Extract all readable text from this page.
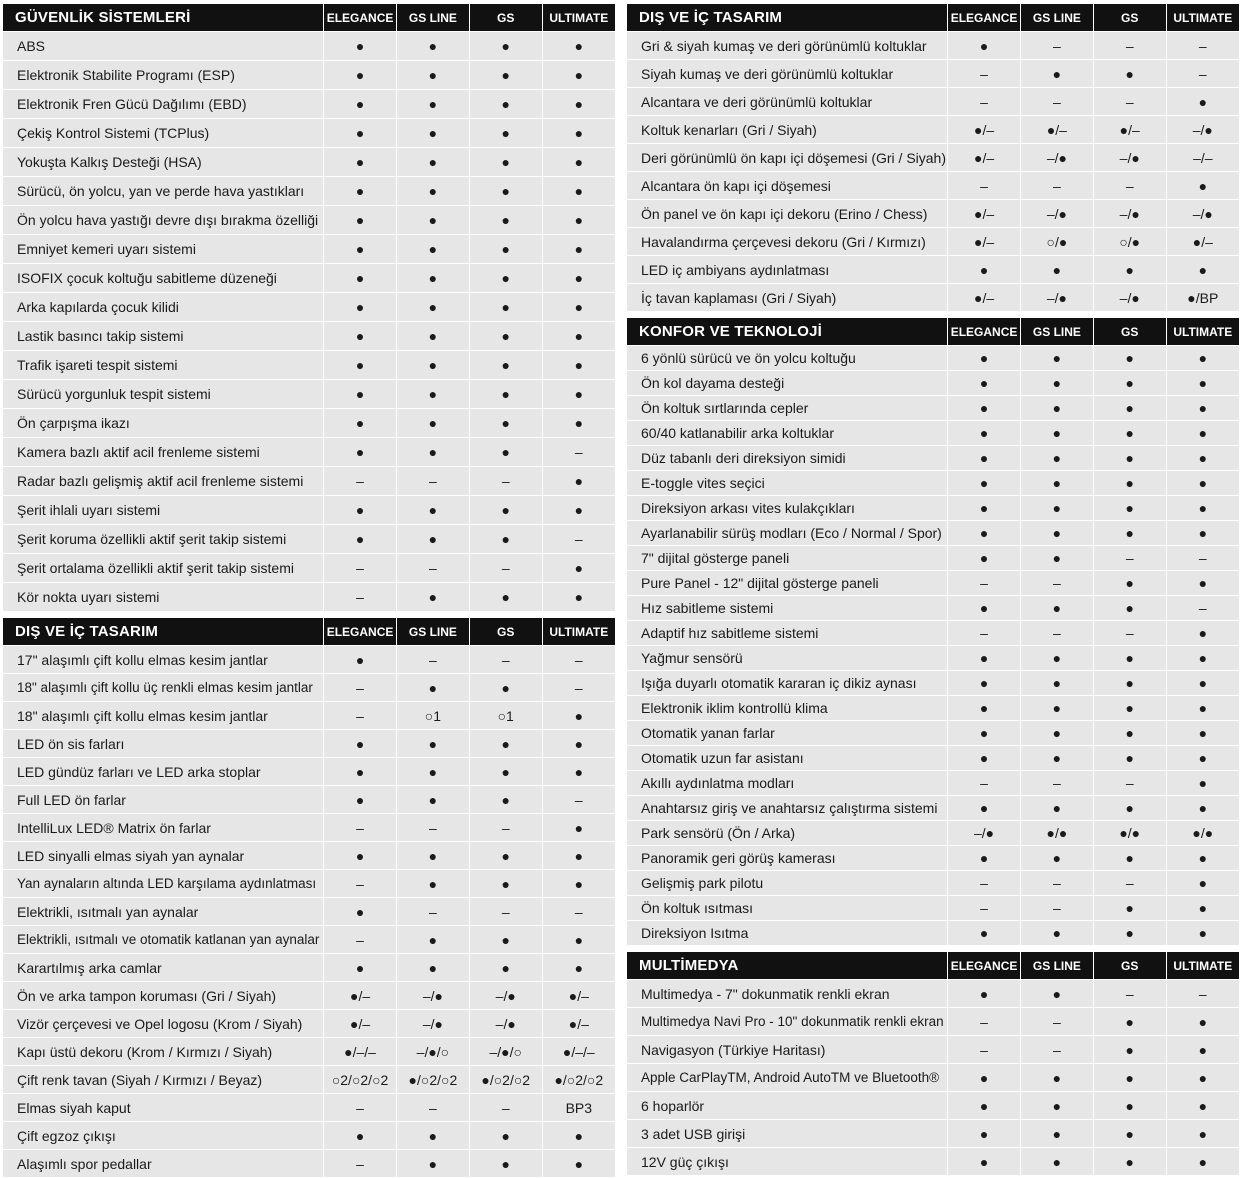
GÜVENLİK SİSTEMLERİ	ELEGANCE	GS LINE	GS	ULTIMATE
ABS	●	●	●	●
Elektronik Stabilite Programı (ESP)	●	●	●	●
Elektronik Fren Gücü Dağılımı (EBD)	●	●	●	●
Çekiş Kontrol Sistemi (TCPlus)	●	●	●	●
Yokuşta Kalkış Desteği (HSA)	●	●	●	●
Sürücü, ön yolcu, yan ve perde hava yastıkları	●	●	●	●
Ön yolcu hava yastığı devre dışı bırakma özelliği	●	●	●	●
Emniyet kemeri uyarı sistemi	●	●	●	●
ISOFIX çocuk koltuğu sabitleme düzeneği	●	●	●	●
Arka kapılarda çocuk kilidi	●	●	●	●
Lastik basıncı takip sistemi	●	●	●	●
Trafik işareti tespit sistemi	●	●	●	●
Sürücü yorgunluk tespit sistemi	●	●	●	●
Ön çarpışma ikazı	●	●	●	●
Kamera bazlı aktif acil frenleme sistemi	●	●	●	–
Radar bazlı gelişmiş aktif acil frenleme sistemi	–	–	–	●
Şerit ihlali uyarı sistemi	●	●	●	●
Şerit koruma özellikli aktif şerit takip sistemi	●	●	●	–
Şerit ortalama özellikli aktif şerit takip sistemi	–	–	–	●
Kör nokta uyarı sistemi	–	●	●	●
DIŞ VE İÇ TASARIM	ELEGANCE	GS LINE	GS	ULTIMATE
17" alaşımlı çift kollu elmas kesim jantlar	●	–	–	–
18" alaşımlı çift kollu üç renkli elmas kesim jantlar	–	●	●	–
18" alaşımlı çift kollu elmas kesim jantlar	–	○1	○1	●
LED ön sis farları	●	●	●	●
LED gündüz farları ve LED arka stoplar	●	●	●	●
Full LED ön farlar	●	●	●	–
IntelliLux LED® Matrix ön farlar	–	–	–	●
LED sinyalli elmas siyah yan aynalar	●	●	●	●
Yan aynaların altında LED karşılama aydınlatması	–	●	●	●
Elektrikli, ısıtmalı yan aynalar	●	–	–	–
Elektrikli, ısıtmalı ve otomatik katlanan yan aynalar	–	●	●	●
Karartılmış arka camlar	●	●	●	●
Ön ve arka tampon koruması (Gri / Siyah)	●/–	–/●	–/●	●/–
Vizör çerçevesi ve Opel logosu (Krom / Siyah)	●/–	–/●	–/●	●/–
Kapı üstü dekoru (Krom / Kırmızı / Siyah)	●/–/–	–/●/○	–/●/○	●/–/–
Çift renk tavan (Siyah / Kırmızı / Beyaz)	○2/○2/○2	●/○2/○2	●/○2/○2	●/○2/○2
Elmas siyah kaput	–	–	–	BP3
Çift egzoz çıkışı	●	●	●	●
Alaşımlı spor pedallar	–	●	●	●
DIŞ VE İÇ TASARIM	ELEGANCE	GS LINE	GS	ULTIMATE
Gri & siyah kumaş ve deri görünümlü koltuklar	●	–	–	–
Siyah kumaş ve deri görünümlü koltuklar	–	●	●	–
Alcantara ve deri görünümlü koltuklar	–	–	–	●
Koltuk kenarları (Gri / Siyah)	●/–	●/–	●/–	–/●
Deri görünümlü ön kapı içi döşemesi (Gri / Siyah)	●/–	–/●	–/●	–/–
Alcantara ön kapı içi döşemesi	–	–	–	●
Ön panel ve ön kapı içi dekoru (Erino / Chess)	●/–	–/●	–/●	–/●
Havalandırma çerçevesi dekoru (Gri / Kırmızı)	●/–	○/●	○/●	●/–
LED iç ambiyans aydınlatması	●	●	●	●
İç tavan kaplaması (Gri / Siyah)	●/–	–/●	–/●	●/BP
KONFOR VE TEKNOLOJİ	ELEGANCE	GS LINE	GS	ULTIMATE
6 yönlü sürücü ve ön yolcu koltuğu	●	●	●	●
Ön kol dayama desteği	●	●	●	●
Ön koltuk sırtlarında cepler	●	●	●	●
60/40 katlanabilir arka koltuklar	●	●	●	●
Düz tabanlı deri direksiyon simidi	●	●	●	●
E-toggle vites seçici	●	●	●	●
Direksiyon arkası vites kulakçıkları	●	●	●	●
Ayarlanabilir sürüş modları (Eco / Normal / Spor)	●	●	●	●
7" dijital gösterge paneli	●	●	–	–
Pure Panel - 12" dijital gösterge paneli	–	–	●	●
Hız sabitleme sistemi	●	●	●	–
Adaptif hız sabitleme sistemi	–	–	–	●
Yağmur sensörü	●	●	●	●
Işığa duyarlı otomatik kararan iç dikiz aynası	●	●	●	●
Elektronik iklim kontrollü klima	●	●	●	●
Otomatik yanan farlar	●	●	●	●
Otomatik uzun far asistanı	●	●	●	●
Akıllı aydınlatma modları	–	–	–	●
Anahtarsız giriş ve anahtarsız çalıştırma sistemi	●	●	●	●
Park sensörü (Ön / Arka)	–/●	●/●	●/●	●/●
Panoramik geri görüş kamerası	●	●	●	●
Gelişmiş park pilotu	–	–	–	●
Ön koltuk ısıtması	–	–	●	●
Direksiyon Isıtma	●	●	●	●
MULTİMEDYA	ELEGANCE	GS LINE	GS	ULTIMATE
Multimedya - 7" dokunmatik renkli ekran	●	●	–	–
Multimedya Navi Pro - 10" dokunmatik renkli ekran	–	–	●	●
Navigasyon (Türkiye Haritası)	–	–	●	●
Apple CarPlayTM, Android AutoTM ve Bluetooth®	●	●	●	●
6 hoparlör	●	●	●	●
3 adet USB girişi	●	●	●	●
12V güç çıkışı	●	●	●	●
